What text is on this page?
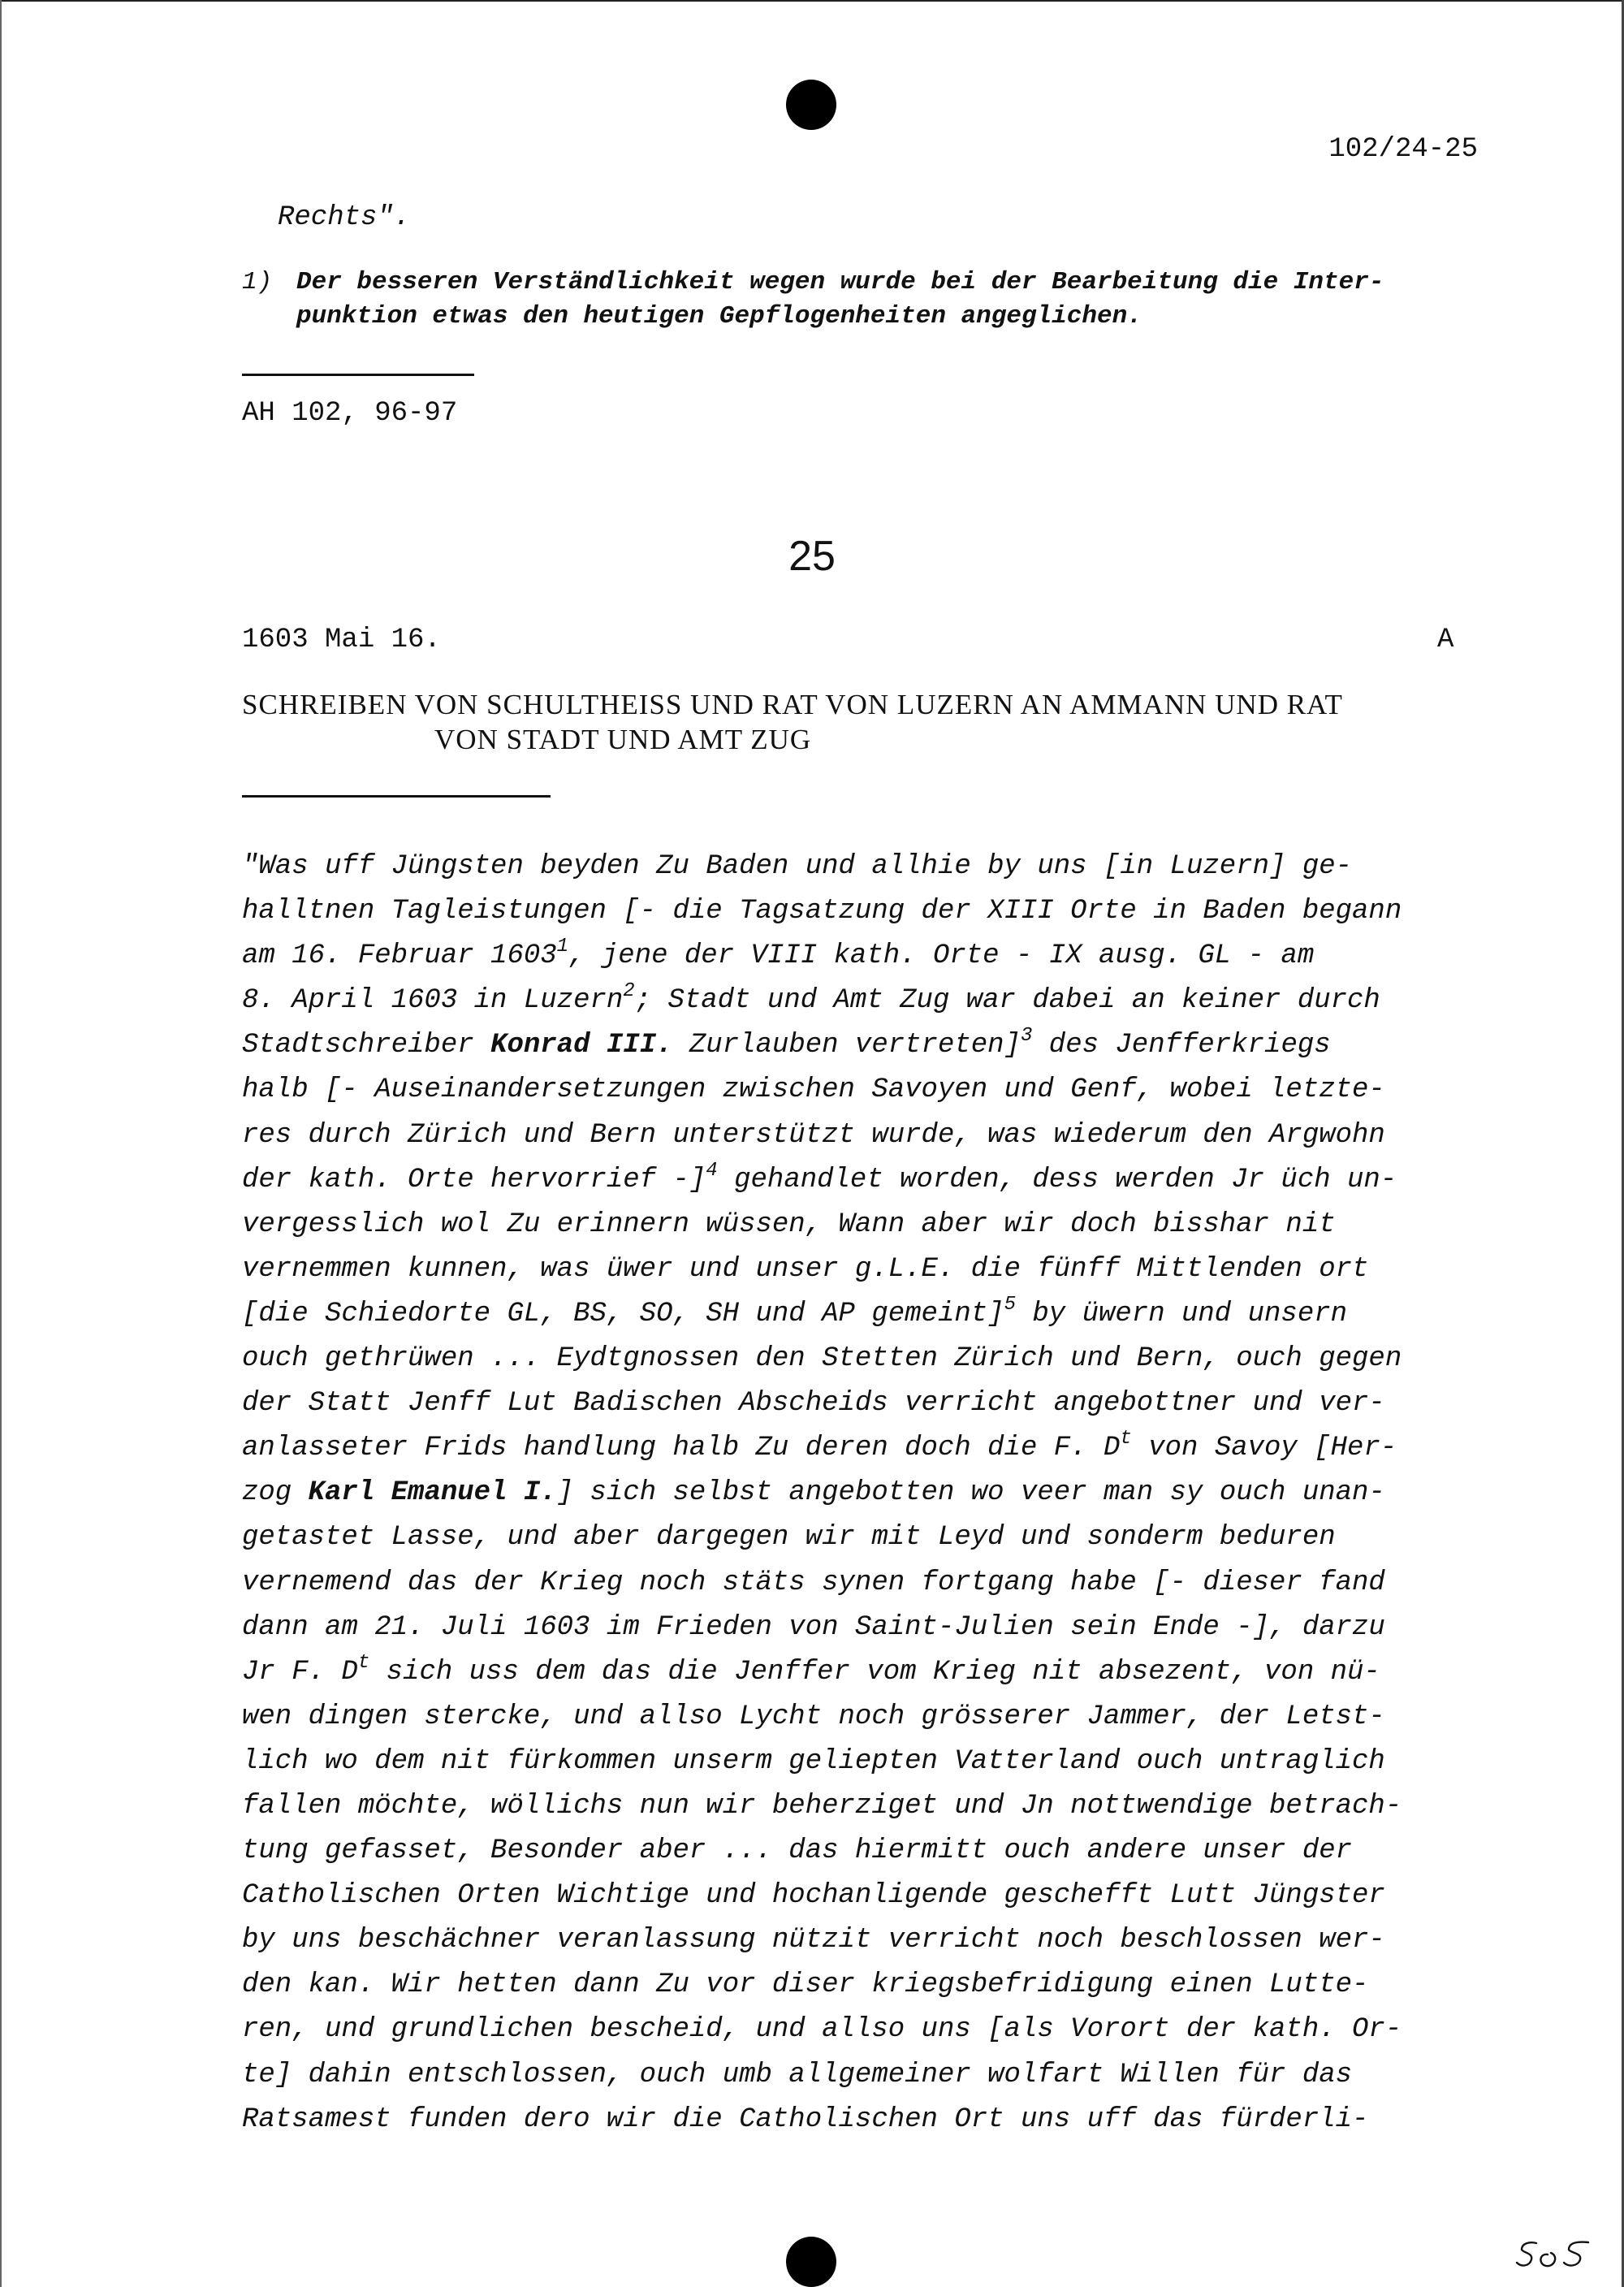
102/24-25
Rechts".
1) Der besseren Verständlichkeit wegen wurde bei der Bearbeitung die Inter-
punktion etwas den heutigen Gepflogenheiten angeglichen.
AH 102, 96-97
25
1603 Mai 16.	A
SCHREIBEN VON SCHULTHEISS UND RAT VON LUZERN AN AMMANN UND RAT
VON STADT UND AMT ZUG
"Was uff Jüngsten beyden Zu Baden und allhie by uns [in Luzern] ge-
halltnen Tagleistungen [- die Tagsatzung der XIII Orte in Baden begann
am 16. Februar 1603$^1$, jene der VIII kath. Orte - IX ausg. GL - am
8. April 1603 in Luzern$^2$; Stadt und Amt Zug war dabei an keiner durch
Stadtschreiber Konrad III. Zurlauben vertreten]$^3$ des Jenfferkriegs
halb [- Auseinandersetzungen zwischen Savoyen und Genf, wobei letzte-
res durch Zürich und Bern unterstützt wurde, was wiederum den Argwohn
der kath. Orte hervorrief -]$^4$ gehandlet worden, dess werden Jr üch un-
vergesslich wol Zu erinnern wüssen, Wann aber wir doch bisshar nit
vernemmen kunnen, was üwer und unser g.L.E. die fünff Mittlenden ort
[die Schiedorte GL, BS, SO, SH und AP gemeint]$^5$ by üwern und unsern
ouch gethrüwen ... Eydtgnossen den Stetten Zürich und Bern, ouch gegen
der Statt Jenff Lut Badischen Abscheids verricht angebottner und ver-
anlasseter Frids handlung halb Zu deren doch die F. $D^t$ von Savoy [Her-
zog Karl Emanuel I.] sich selbst angebotten wo veer man sy ouch unan-
getastet Lasse, und aber dargegen wir mit Leyd und sonderm beduren
vernemend das der Krieg noch stäts synen fortgang habe [- dieser fand
dann am 21. Juli 1603 im Frieden von Saint-Julien sein Ende -], darzu
Jr F. $D^t$ sich uss dem das die Jenffer vom Krieg nit absezent, von nü-
wen dingen stercke, und allso Lycht noch grösserer Jammer, der Letst-
lich wo dem nit fürkommen unserm geliepten Vatterland ouch untraglich
fallen möchte, wöllichs nun wir beherziget und Jn nottwendige betrach-
tung gefasset, Besonder aber ... das hiermitt ouch andere unser der
Catholischen Orten Wichtige und hochanligende geschefft Lutt Jüngster
by uns beschächner veranlassung nützit verricht noch beschlossen wer-
den kan. Wir hetten dann Zu vor diser kriegsbefridigung einen Lutte-
ren, und grundlichen bescheid, und allso uns [als Vorort der kath. Or-
te] dahin entschlossen, ouch umb allgemeiner wolfart Willen für das
Ratsamest funden dero wir die Catholischen Ort uns uff das fürderli-
